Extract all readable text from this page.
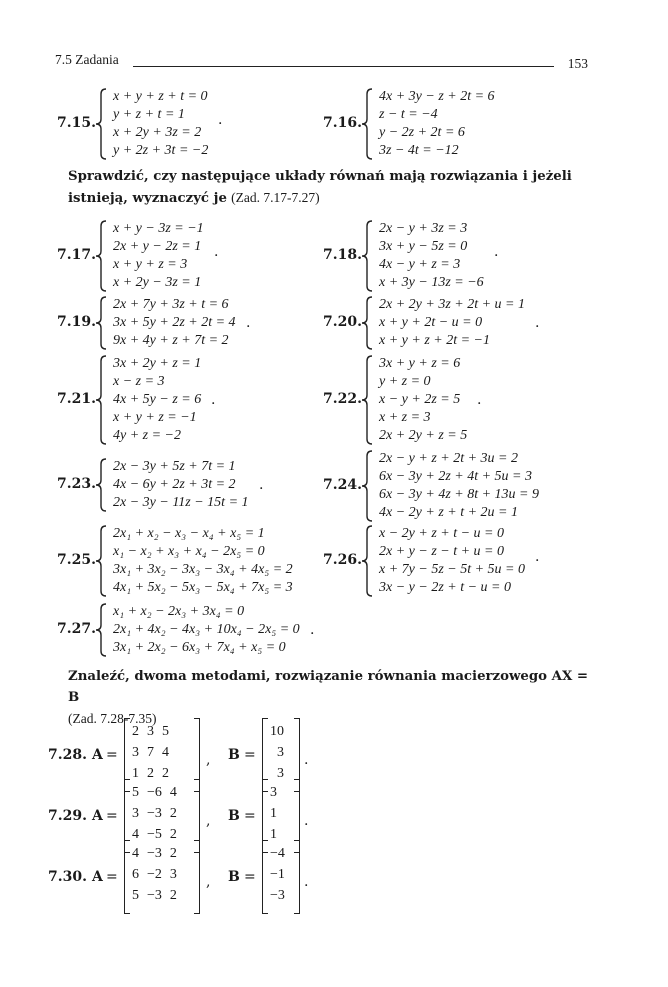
7.5 Zadania	153
7.15.
x + y + z + t = 0
y + z + t = 1
x + 2y + 3z = 2
y + 2z + 3t = −2
·	7.16.
4x + 3y − z + 2t = 6
z − t = −4
y − 2z + 2t = 6
3z − 4t = −12
Sprawdzić, czy następujące układy równań mają rozwiązania i jeżeli istnieją, wyznaczyć je (Zad. 7.17-7.27)
7.17.
x + y − 3z = −1
2x + y − 2z = 1
x + y + z = 3
x + 2y − 3z = 1
·	7.18.
2x − y + 3z = 3
3x + y − 5z = 0
4x − y + z = 3
x + 3y − 13z = −6
·
7.19.
2x + 7y + 3z + t = 6
3x + 5y + 2z + 2t = 4
9x + 4y + z + 7t = 2
.	7.20.
2x + 2y + 3z + 2t + u = 1
x + y + 2t − u = 0
x + y + z + 2t = −1
.
7.21.
3x + 2y + z = 1
x − z = 3
4x + 5y − z = 6
x + y + z = −1
4y + z = −2
.	7.22.
3x + y + z = 6
y + z = 0
x − y + 2z = 5
x + z = 3
2x + 2y + z = 5
.
7.23.
2x − 3y + 5z + 7t = 1
4x − 6y + 2z + 3t = 2
2x − 3y − 11z − 15t = 1
.	7.24.
2x − y + z + 2t + 3u = 2
6x − 3y + 2z + 4t + 5u = 3
6x − 3y + 4z + 8t + 13u = 9
4x − 2y + z + t + 2u = 1
7.25.
2x₁ + x₂ − x₃ − x₄ + x₅ = 1
x₁ − x₂ + x₃ + x₄ − 2x₅ = 0
3x₁ + 3x₂ − 3x₃ − 3x₄ + 4x₅ = 2
4x₁ + 5x₂ − 5x₃ − 5x₄ + 7x₅ = 3
7.26.
x − 2y + z + t − u = 0
2x + y − z − t + u = 0
x + 7y − 5z − 5t + 5u = 0
3x − y − 2z + t − u = 0
·
7.27.
x₁ + x₂ − 2x₃ + 3x₄ = 0
2x₁ + 4x₂ − 4x₃ + 10x₄ − 2x₅ = 0
3x₁ + 2x₂ − 6x₃ + 7x₄ + x₅ = 0
.
Znaleźć, dwoma metodami, rozwiązanie równania macierzowego AX = B
(Zad. 7.28-7.35)
7.28. A =
2	3	5
3	7	4
1	2	2
, B =
10
3
3
.
7.29. A =
5	−6	4
3	−3	2
4	−5	2
, B =
3
1
1
.
7.30. A =
4	−3	2
6	−2	3
5	−3	2
, B =
−4
−1
−3
.
